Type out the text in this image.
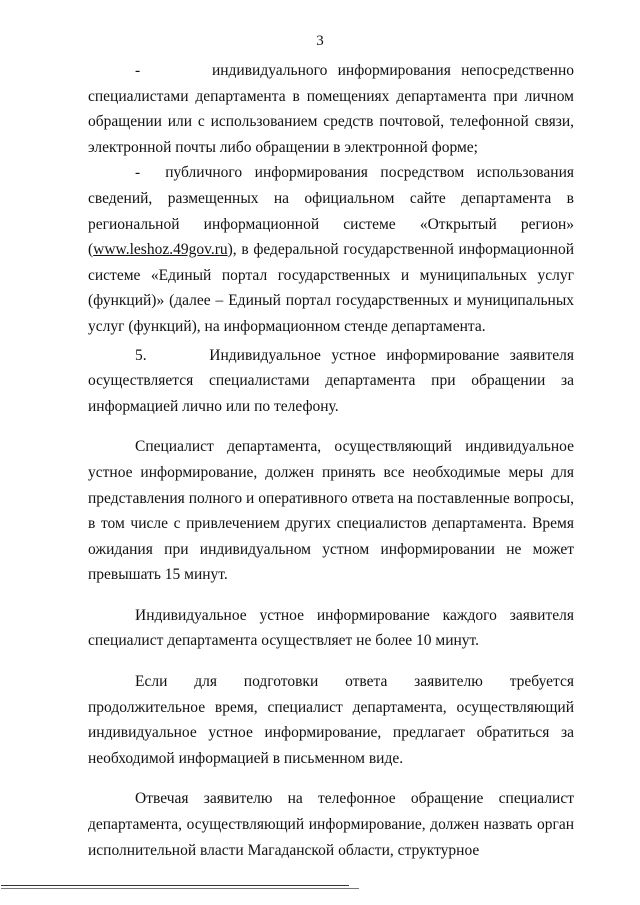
3

-       индивидуального информирования непосредственно специалистами департамента в помещениях департамента при личном обращении или с использованием средств почтовой, телефонной связи, электронной почты либо обращении в электронной форме;

-  публичного информирования посредством использования сведений, размещенных на официальном сайте департамента в региональной информационной системе «Открытый регион» (www.leshoz.49gov.ru), в федеральной государственной информационной системе «Единый портал государственных и муниципальных услуг (функций)» (далее – Единый портал государственных и муниципальных услуг (функций), на информационном стенде департамента.

5.      Индивидуальное устное информирование заявителя осуществляется специалистами департамента при обращении за информацией лично или по телефону.

Специалист департамента, осуществляющий индивидуальное устное информирование, должен принять все необходимые меры для представления полного и оперативного ответа на поставленные вопросы, в том числе с привлечением других специалистов департамента. Время ожидания при индивидуальном устном информировании не может превышать 15 минут.

Индивидуальное устное информирование каждого заявителя специалист департамента осуществляет не более 10 минут.

Если для подготовки ответа заявителю требуется продолжительное время, специалист департамента, осуществляющий индивидуальное устное информирование, предлагает обратиться за необходимой информацией в письменном виде.

Отвечая заявителю на телефонное обращение специалист департамента, осуществляющий информирование, должен назвать орган исполнительной власти Магаданской области, структурное
